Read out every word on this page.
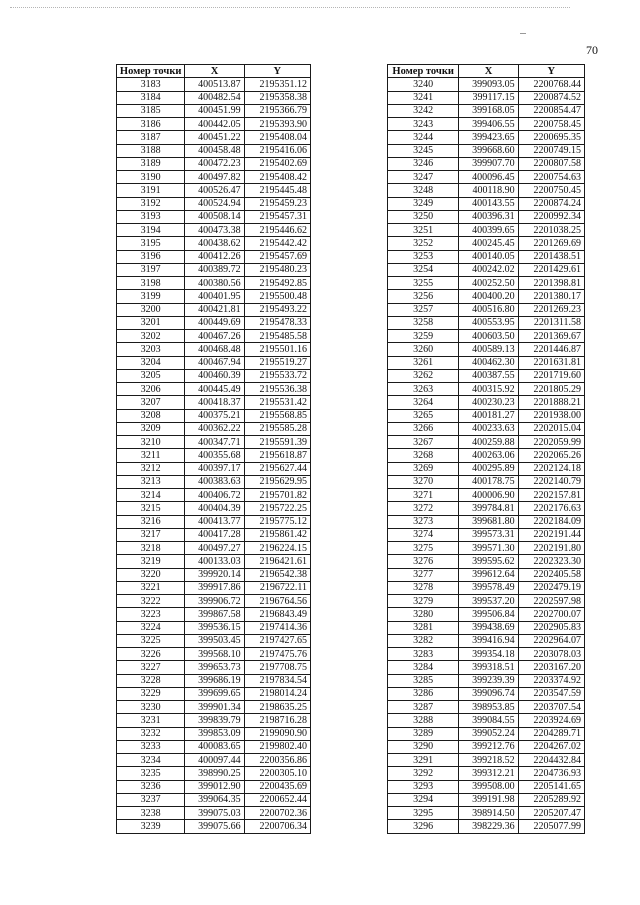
70
Номер точки	X	Y
3183	400513.87	2195351.12
3184	400482.54	2195358.38
3185	400451.99	2195366.79
3186	400442.05	2195393.90
3187	400451.22	2195408.04
3188	400458.48	2195416.06
3189	400472.23	2195402.69
3190	400497.82	2195408.42
3191	400526.47	2195445.48
3192	400524.94	2195459.23
3193	400508.14	2195457.31
3194	400473.38	2195446.62
3195	400438.62	2195442.42
3196	400412.26	2195457.69
3197	400389.72	2195480.23
3198	400380.56	2195492.85
3199	400401.95	2195500.48
3200	400421.81	2195493.22
3201	400449.69	2195478.33
3202	400467.26	2195485.58
3203	400468.48	2195501.16
3204	400467.94	2195519.27
3205	400460.39	2195533.72
3206	400445.49	2195536.38
3207	400418.37	2195531.42
3208	400375.21	2195568.85
3209	400362.22	2195585.28
3210	400347.71	2195591.39
3211	400355.68	2195618.87
3212	400397.17	2195627.44
3213	400383.63	2195629.95
3214	400406.72	2195701.82
3215	400404.39	2195722.25
3216	400413.77	2195775.12
3217	400417.28	2195861.42
3218	400497.27	2196224.15
3219	400133.03	2196421.61
3220	399920.14	2196542.38
3221	399917.86	2196722.11
3222	399906.72	2196764.56
3223	399867.58	2196843.49
3224	399536.15	2197414.36
3225	399503.45	2197427.65
3226	399568.10	2197475.76
3227	399653.73	2197708.75
3228	399686.19	2197834.54
3229	399699.65	2198014.24
3230	399901.34	2198635.25
3231	399839.79	2198716.28
3232	399853.09	2199090.90
3233	400083.65	2199802.40
3234	400097.44	2200356.86
3235	398990.25	2200305.10
3236	399012.90	2200435.69
3237	399064.35	2200652.44
3238	399075.03	2200702.36
3239	399075.66	2200706.34
Номер точки	X	Y
3240	399093.05	2200768.44
3241	399117.15	2200874.52
3242	399168.05	2200854.47
3243	399406.55	2200758.45
3244	399423.65	2200695.35
3245	399668.60	2200749.15
3246	399907.70	2200807.58
3247	400096.45	2200754.63
3248	400118.90	2200750.45
3249	400143.55	2200874.24
3250	400396.31	2200992.34
3251	400399.65	2201038.25
3252	400245.45	2201269.69
3253	400140.05	2201438.51
3254	400242.02	2201429.61
3255	400252.50	2201398.81
3256	400400.20	2201380.17
3257	400516.80	2201269.23
3258	400553.95	2201311.58
3259	400603.50	2201369.67
3260	400589.13	2201446.87
3261	400462.30	2201631.81
3262	400387.55	2201719.60
3263	400315.92	2201805.29
3264	400230.23	2201888.21
3265	400181.27	2201938.00
3266	400233.63	2202015.04
3267	400259.88	2202059.99
3268	400263.06	2202065.26
3269	400295.89	2202124.18
3270	400178.75	2202140.79
3271	400006.90	2202157.81
3272	399784.81	2202176.63
3273	399681.80	2202184.09
3274	399573.31	2202191.44
3275	399571.30	2202191.80
3276	399595.62	2202323.30
3277	399612.64	2202405.58
3278	399578.49	2202479.19
3279	399537.20	2202597.98
3280	399506.84	2202700.07
3281	399438.69	2202905.83
3282	399416.94	2202964.07
3283	399354.18	2203078.03
3284	399318.51	2203167.20
3285	399239.39	2203374.92
3286	399096.74	2203547.59
3287	398953.85	2203707.54
3288	399084.55	2203924.69
3289	399052.24	2204289.71
3290	399212.76	2204267.02
3291	399218.52	2204432.84
3292	399312.21	2204736.93
3293	399508.00	2205141.65
3294	399191.98	2205289.92
3295	398914.50	2205207.47
3296	398229.36	2205077.99
